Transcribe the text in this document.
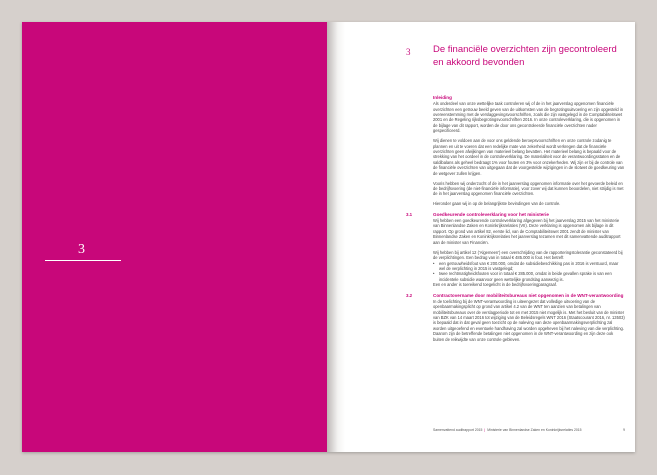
3
3 De financiële overzichten zijn gecontroleerd en akkoord bevonden
Inleiding

Als onderdeel van onze wettelijke taak controleren wij of de in het jaarverslag opgenomen financiële overzichten een getrouw beeld geven van de uitkomsten van de begrotingsuitvoering en zijn opgesteld in overeenstemming met de verslaggevingsvoorschriften, zoals die zijn vastgelegd in de Comptabiliteitswet 2001 en de Regeling rijksbegrotingsvoorschriften 2016. In onze controleverklaring, die is opgenomen in de bijlage van dit rapport, worden de door ons gecontroleerde financiële overzichten nader gespecificeerd.

Wij dienen te voldoen aan de voor ons geldende beroepsvoorschriften en onze controle zodanig te plannen en uit te voeren dat een redelijke mate van zekerheid wordt verkregen dat de financiële overzichten geen afwijkingen van materieel belang bevatten. Het materieel belang is bepaald voor de strekking van het oordeel in de controleverklaring. De materialiteit voor de verantwoordingsstaten en de saldibalans als geheel bedraagt 1% voor fouten en 3% voor onzekerheden. Wij zijn er bij de controle van de financiële overzichten van uitgegaan dat de voorgestelde wijzigingen in de slotwet de goedkeuring van de wetgever zullen krijgen.

Vooris hebben wij onderzocht of de in het jaarverslag opgenomen informatie over het gevoerde beleid en de bedrijfsvoering (de niet-financiële informatie), voor zover wij dat kunnen beoordelen, niet strijdig is met de in het jaarverslag opgenomen financiële overzichten.

Hieronder gaan wij in op de belangrijkste bevindingen van de controle.

3.1	Goedkeurende controleverklaring voor het ministerie

Wij hebben een goedkeurende controleverklaring afgegeven bij het jaarverslag 2015 van het ministerie van Binnenlandse Zaken en Koninkrijksrelaties (VII). Deze verklaring is opgenomen als bijlage in dit rapport. Op grond van artikel 82, eerste lid, van de Comptabiliteitswet 2001 zendt de minister van Binnenlandse Zaken en Koninkrijksrelaties het jaarverslag tezamen met dit samenvattende auditrapport aan de minister van Financiën.

Wij hebben bij artikel 12 ('Algemeen') een overschrijding van de rapporteringstolerantie geconstateerd bij de verplichtingen. Een bedrag van in totaal € 485.000 is fout. Het betreft

• een getrouwheidsfout van € 200.000, omdat de subsidiebeschikking pas in 2016 is verstuurd, maar wel de verplichting in 2015 is vastgelegd;
• twee rechtmatigheidsfouten voor in totaal € 285.000, omdat in beide gevallen sprake is van een incidentele subsidie waarvoor geen wettelijke grondslag aanwezig is.

Een en ander is toereikend toegelicht in de bedrijfsvoeringparagraaf.

3.2	Contractovername door mobiliteitsbureaus niet opgenomen in de WNT-verantwoording

In de toelichting bij de WNT-verantwoording is uiteengezet dat volledige uitvoering van de openbaarmakingsplicht op grond van artikel 4.2 van de WNT ten aanzien van betalingen van mobiliteitsbureaus over de verslagperiode tot en met 2015 niet mogelijk is. Met het besluit van de minister van BZK van 14 maart 2016 tot wijziging van de Beleidsregels WNT 2016 (Staatscourant 2016, nr. 13503) is bepaald dat in dat geval geen toezicht op de naleving van deze openbaarmakingsverplichting zal worden uitgeoefend en eventuele handhaving zal worden opgeheven bij het naleving van die verplichting. Daarom zijn de betreffende betalingen niet opgenomen in de WNT-verantwoording en zijn deze ook buiten de reikwijdte van onze controle gebleven.

Samenvattend auditrapport 2015 | Ministerie van Binnenlandse Zaken en Koninkrijksrelaties 2015	9
